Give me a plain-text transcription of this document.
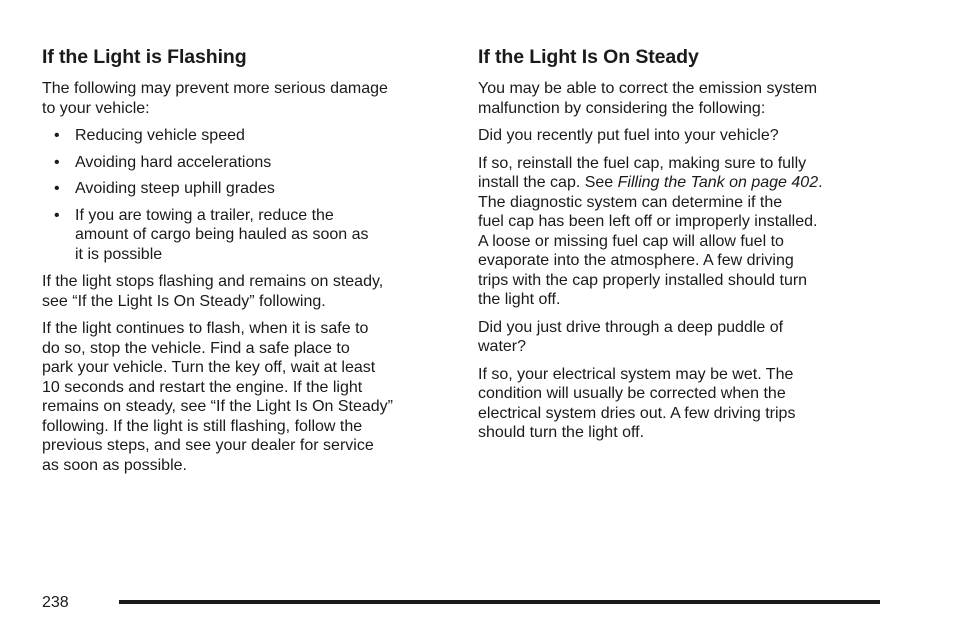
If the Light is Flashing

The following may prevent more serious damage
to your vehicle:

• Reducing vehicle speed
• Avoiding hard accelerations
• Avoiding steep uphill grades
• If you are towing a trailer, reduce the
amount of cargo being hauled as soon as
it is possible

If the light stops flashing and remains on steady,
see “If the Light Is On Steady” following.

If the light continues to flash, when it is safe to
do so, stop the vehicle. Find a safe place to
park your vehicle. Turn the key off, wait at least
10 seconds and restart the engine. If the light
remains on steady, see “If the Light Is On Steady”
following. If the light is still flashing, follow the
previous steps, and see your dealer for service
as soon as possible.

If the Light Is On Steady

You may be able to correct the emission system
malfunction by considering the following:

Did you recently put fuel into your vehicle?

If so, reinstall the fuel cap, making sure to fully
install the cap. See Filling the Tank on page 402.
The diagnostic system can determine if the
fuel cap has been left off or improperly installed.
A loose or missing fuel cap will allow fuel to
evaporate into the atmosphere. A few driving
trips with the cap properly installed should turn
the light off.

Did you just drive through a deep puddle of
water?

If so, your electrical system may be wet. The
condition will usually be corrected when the
electrical system dries out. A few driving trips
should turn the light off.

238
